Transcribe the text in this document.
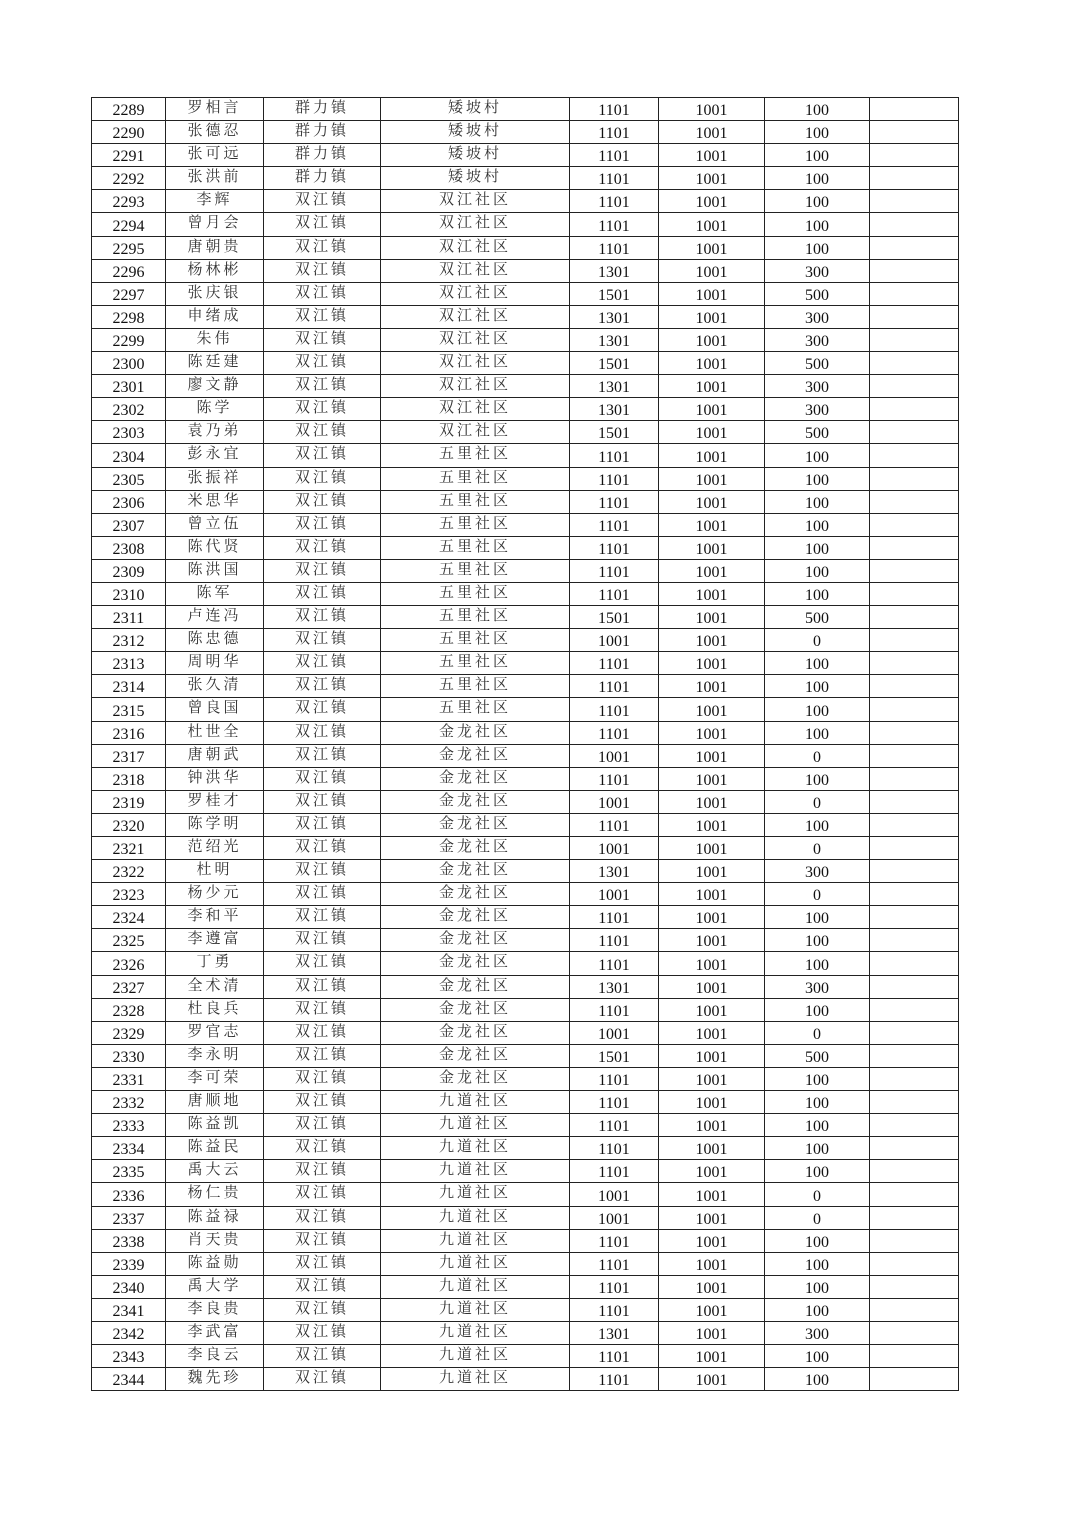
2289	罗相言	群力镇	矮坡村	1101	1001	100	
2290	张德忍	群力镇	矮坡村	1101	1001	100	
2291	张可远	群力镇	矮坡村	1101	1001	100	
2292	张洪前	群力镇	矮坡村	1101	1001	100	
2293	李辉	双江镇	双江社区	1101	1001	100	
2294	曾月会	双江镇	双江社区	1101	1001	100	
2295	唐朝贵	双江镇	双江社区	1101	1001	100	
2296	杨林彬	双江镇	双江社区	1301	1001	300	
2297	张庆银	双江镇	双江社区	1501	1001	500	
2298	申绪成	双江镇	双江社区	1301	1001	300	
2299	朱伟	双江镇	双江社区	1301	1001	300	
2300	陈廷建	双江镇	双江社区	1501	1001	500	
2301	廖文静	双江镇	双江社区	1301	1001	300	
2302	陈学	双江镇	双江社区	1301	1001	300	
2303	袁乃弟	双江镇	双江社区	1501	1001	500	
2304	彭永宜	双江镇	五里社区	1101	1001	100	
2305	张振祥	双江镇	五里社区	1101	1001	100	
2306	米思华	双江镇	五里社区	1101	1001	100	
2307	曾立伍	双江镇	五里社区	1101	1001	100	
2308	陈代贤	双江镇	五里社区	1101	1001	100	
2309	陈洪国	双江镇	五里社区	1101	1001	100	
2310	陈军	双江镇	五里社区	1101	1001	100	
2311	卢连冯	双江镇	五里社区	1501	1001	500	
2312	陈忠德	双江镇	五里社区	1001	1001	0	
2313	周明华	双江镇	五里社区	1101	1001	100	
2314	张久清	双江镇	五里社区	1101	1001	100	
2315	曾良国	双江镇	五里社区	1101	1001	100	
2316	杜世全	双江镇	金龙社区	1101	1001	100	
2317	唐朝武	双江镇	金龙社区	1001	1001	0	
2318	钟洪华	双江镇	金龙社区	1101	1001	100	
2319	罗桂才	双江镇	金龙社区	1001	1001	0	
2320	陈学明	双江镇	金龙社区	1101	1001	100	
2321	范绍光	双江镇	金龙社区	1001	1001	0	
2322	杜明	双江镇	金龙社区	1301	1001	300	
2323	杨少元	双江镇	金龙社区	1001	1001	0	
2324	李和平	双江镇	金龙社区	1101	1001	100	
2325	李遵富	双江镇	金龙社区	1101	1001	100	
2326	丁勇	双江镇	金龙社区	1101	1001	100	
2327	全术清	双江镇	金龙社区	1301	1001	300	
2328	杜良兵	双江镇	金龙社区	1101	1001	100	
2329	罗官志	双江镇	金龙社区	1001	1001	0	
2330	李永明	双江镇	金龙社区	1501	1001	500	
2331	李可荣	双江镇	金龙社区	1101	1001	100	
2332	唐顺地	双江镇	九道社区	1101	1001	100	
2333	陈益凯	双江镇	九道社区	1101	1001	100	
2334	陈益民	双江镇	九道社区	1101	1001	100	
2335	禹大云	双江镇	九道社区	1101	1001	100	
2336	杨仁贵	双江镇	九道社区	1001	1001	0	
2337	陈益禄	双江镇	九道社区	1001	1001	0	
2338	肖天贵	双江镇	九道社区	1101	1001	100	
2339	陈益勋	双江镇	九道社区	1101	1001	100	
2340	禹大学	双江镇	九道社区	1101	1001	100	
2341	李良贵	双江镇	九道社区	1101	1001	100	
2342	李武富	双江镇	九道社区	1301	1001	300	
2343	李良云	双江镇	九道社区	1101	1001	100	
2344	魏先珍	双江镇	九道社区	1101	1001	100	
